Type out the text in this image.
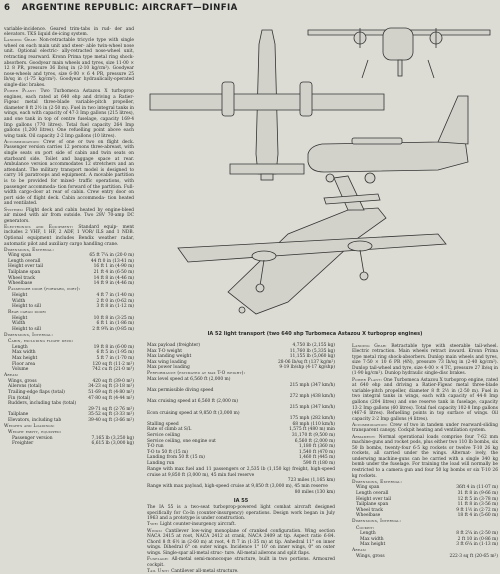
6 ARGENTINE REPUBLIC: AIRCRAFT—DINFIA

variable-incidence. Geared trim-tabs in rud- der and elevators. TKS liquid de-icing system.

Landing Gear: Non-retractable tricycle type with single wheel on each main unit and steer- able twin-wheel nose unit. Optional electric- ally-retracted nose-wheel unit, retracting rearward. Kronn Prima type metal ring shock-absorbers. Goodyear main wheels and tyres, size 11·00 × 12 8 PR, pressure 36 lb/sq in (2·10 kg/cm²). Goodyear nose-wheels and tyres, size 6·00 × 6 4 PR, pressure 25 lb/sq in (1·75 kg/cm²). Goodyear hydraulically-operated single-disc brakes.

Power Plant: Two Turbomeca Astazou X turboprop engines, each rated at 640 ehp and driving a Ratier-Figeac metal three-blade variable-pitch propeller, diameter 8 ft 2½ in (2·50 m). Fuel in two integral tanks in wings, each with capacity of 47·3 Imp gallons (215 litres), and one tank in top of centre fuselage, capacity 169·4 Imp gallons (770 litres). Total fuel capacity 264 Imp gallons (1,200 litres). One refuelling point above each wing tank. Oil capacity 2·2 Imp gallons (10 litres).

Accommodation: Crew of one or two on flight deck. Passenger version carries 12 persons three-abreast, with single seats on port side of cabin and twin seats on starboard side. Toilet and baggage space at rear. Ambulance version accommodates 12 stretchers and an attendant. The military transport model is designed to carry 16 paratroops and equipment. A movable partition is to be provided for mixed- traffic operations, with passenger accommoda- tion forward of the partition. Full-width cargo-door at rear of cabin. Crew entry door on port side of flight deck. Cabin accommoda- tion heated and ventilated.

Systems: Flight deck and cabin heated by engine-bleed air mixed with air from outside. Two 28V 70-amp DC generators.

Electronics and Equipment: Standard equip- ment includes 2 VHF, 1 HF, 2 ADF, 1 VOR/ ILS and 1 NDB. Optional equipment includes Bendix weather radar, automatic pilot and auxiliary cargo handling crane.

Dimensions, External:
Wing span	65 ft 7¼ in (20·0 m)
Length overall	44 ft 0 in (13·41 m)
Height over tail	16 ft 1 in (4·90 m)
Tailplane span	21 ft 4 in (6·50 m)
Wheel track	14 ft 8 in (4·46 m)
Wheelbase	14 ft 9 in (4·46 m)
Passenger door (forward, port):
Height	4 ft 7 in (1·40 m)
Width	2 ft 0 in (0·62 m)
Height to sill	3 ft 8 in (1·12 m)
Rear cargo door:
Height	10 ft 8 in (3·25 m)
Width	6 ft 1 in (1·86 m)
Height to sill	2 ft 9¾ in (0·85 m)
Dimensions, Internal:
Cabin, excluding flight deck:
Length	19 ft 8 in (6·00 m)
Max width	6 ft 5 in (1·95 m)
Max height	5 ft 7 in (1·70 m)
Floor area	120 sq ft (11·2 m²)
Volume	742 cu ft (21·0 m³)
Areas:
Wings, gross	420 sq ft (39·0 m²)
Ailerons (total)	34·23 sq ft (3·18 m²)
Trailing-edge flaps (total)	51·69 sq ft (4·80 m²)
Fin (total)	47·80 sq ft (4·44 m²)
Rudders, including tabs (total)
29·71 sq ft (2·76 m²)
Tailplane	35·52 sq ft (3·33 m²)
Elevators, including tab	39·40 sq ft (3·66 m²)
Weights and Loadings:
Weight empty, equipped:
Passenger version	7,165 lb (3,250 kg)
Freighter	6,615 lb (3,000 kg)
IA 52 light transport (two 640 shp Turbomeca Astazou X turboprop engines)
Max payload (freighter)	4,750 lb (2,155 kg)
Max T-O weight	11,760 lb (5,335 kg)
Max landing weight	11,155 lb (5,060 kg)
Max wing loading	28·06 lb/sq ft (137 kg/m²)
Max power loading	9·19 lb/shp (4·17 kg/shp)
Performance (estimated at max T-O weight):
Max level speed at 6,560 ft (2,000 m)
215 mph (347 km/h)
Max permissible diving speed
272 mph (438 km/h)
Max cruising speed at 6,560 ft (2,000 m)
215 mph (347 km/h)
Econ cruising speed at 9,850 ft (3,000 m)
175 mph (282 km/h)
Stalling speed	68 mph (110 km/h)
Rate of climb at S/L	1,575 ft (480 m) min
Service ceiling	31,170 ft (9,500 m)
Service ceiling, one engine out	6,560 ft (2,000 m)
T-O run	1,180 ft (360 m)
T-O to 50 ft (15 m)	1,540 ft (470 m)
Landing from 50 ft (15 m)	1,460 ft (445 m)
Landing run	590 ft (180 m)

Range with max fuel and 11 passengers or 2,535 lb (1,150 kg) freight, high-speed cruise at 9,850 ft (3,000 m), 45 min fuel reserve

723 miles (1,165 km)

Range with max payload, high-speed cruise at 9,850 ft (3,000 m), 45 min reserve

80 miles (130 km)
IA 55

The IA 55 is a two-seat turboprop-powered light combat aircraft designed specifically for Co-In (counter-insurgency) operations. Design work began in July 1963 and a prototype is under construction.

Type: Light counter-insurgency aircraft.

Wings: Cantilever low-wing monoplane of cranked configuration. Wing section NACA 2415 at root, NACA 2412 at crank, NACA 2409 at tip. Aspect ratio 6·84. Chord 8 ft 6½ in (2·60 m) at root, 4 ft 7 in (1·35 m) at tip. Anhedral 11° on inner wings. Dihedral 6° on outer wings. Incidence 1° 10' on inner wings, 0° on outer wings. Single-spar all-metal struc- ture. All-metal ailerons and split flaps.

Fuselage: All-metal semi-monocoque structure, built in two portions. Armoured cockpit.

Tail Unit: Cantilever all-metal structure.

Landing Gear: Retractable type with steerable tail-wheel. Electric retraction. Main wheels retract inward. Kronn Prima type metal ring shock-absorbers. Dunlop main wheels and tyres, size 7·50 × 10 6 PR (4N), pressure 73 lb/sq in (2·40 kg/cm²). Dunlop tail-wheel and tyre, size 4·00 × 4 TC, pressure 27 lb/sq in (1·90 kg/cm²). Dunlop hydraulic single-disc brakes.

Power Plant: One Turbomeca Astazou X turboprop engine, rated at 640 ehp and driving a Ratier-Figeac metal three-blade variable-pitch propeller, diameter 8 ft 2½ in (2·50 m). Fuel in two integral tanks in wings, each with capacity of 44·8 Imp gallons (204 litres) and one reserve tank in fuselage, capacity 13·2 Imp gallons (60 litres). Total fuel capacity 102·8 Imp gallons (467·6 litres). Refuelling points in top surface of wings. Oil capacity 2·2 Imp gallons (4 litres).

Accommodation: Crew of two in tandem under rearward-sliding transparent canopy. Cockpit heating and ventilation system.

Armament: Normal operational loads comprise four 7·62 mm machine-guns and rocket pods, plus either two 110 lb bombs, six 50 lb bombs, twenty-four 6·5 kg rockets or twelve T-10 26 kg rockets, all carried under the wings. Alternat- ively, the underwing machine-guns can be carried with a single 340 kg bomb under the fuselage. For training the load will normally be restricted to a camera gun and four 50 kg bombs or six T-10 26 kg rockets.

Dimensions, External:
Wing span	36ft 4 in (11·07 m)
Length overall	31 ft 8 in (9·66 m)
Height over tail	12 ft 5 in (3·78 m)
Tailplane span	11 ft 8 in (3·56 m)
Wheel track	9 ft 1½ in (2·72 m)
Wheelbase	18 ft 4 in (5·60 m)
Dimensions, Internal:
Cockpit:
Length	8 ft 2¼ in (2·50 m)
Max width	2 ft 10 in (0·86 m)
Max height	3 ft 6¼ in (1·13 m)
Areas:
Wings, gross	222·3 sq ft (20·65 m²)
